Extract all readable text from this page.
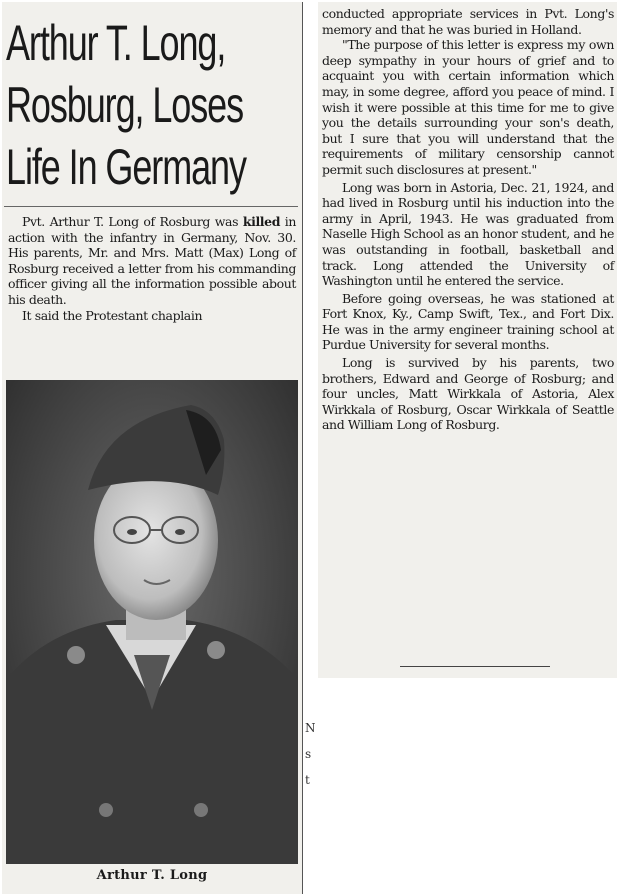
Arthur T. Long,
Rosburg, Loses
Life In Germany

Pvt. Arthur T. Long of Rosburg was killed in action with the infantry in Germany, Nov. 30. His parents, Mr. and Mrs. Matt (Max) Long of Rosburg received a letter from his commanding officer giving all the information possible about his death.

It said the Protestant chaplain

Arthur T. Long

conducted appropriate services in Pvt. Long's memory and that he was buried in Holland.

"The purpose of this letter is express my own deep sympathy in your hours of grief and to acquaint you with certain information which may, in some degree, afford you peace of mind. I wish it were possible at this time for me to give you the details surrounding your son's death, but I sure that you will understand that the requirements of military censorship cannot permit such disclosures at present."

Long was born in Astoria, Dec. 21, 1924, and had lived in Rosburg until his induction into the army in April, 1943. He was graduated from Naselle High School as an honor student, and he was outstanding in football, basketball and track. Long attended the University of Washington until he entered the service.

Before going overseas, he was stationed at Fort Knox, Ky., Camp Swift, Tex., and Fort Dix. He was in the army engineer training school at Purdue University for several months.

Long is survived by his parents, two brothers, Edward and George of Rosburg; and four uncles, Matt Wirkkala of Astoria, Alex Wirkkala of Rosburg, Oscar Wirkkala of Seattle and William Long of Rosburg.

N
s
t
